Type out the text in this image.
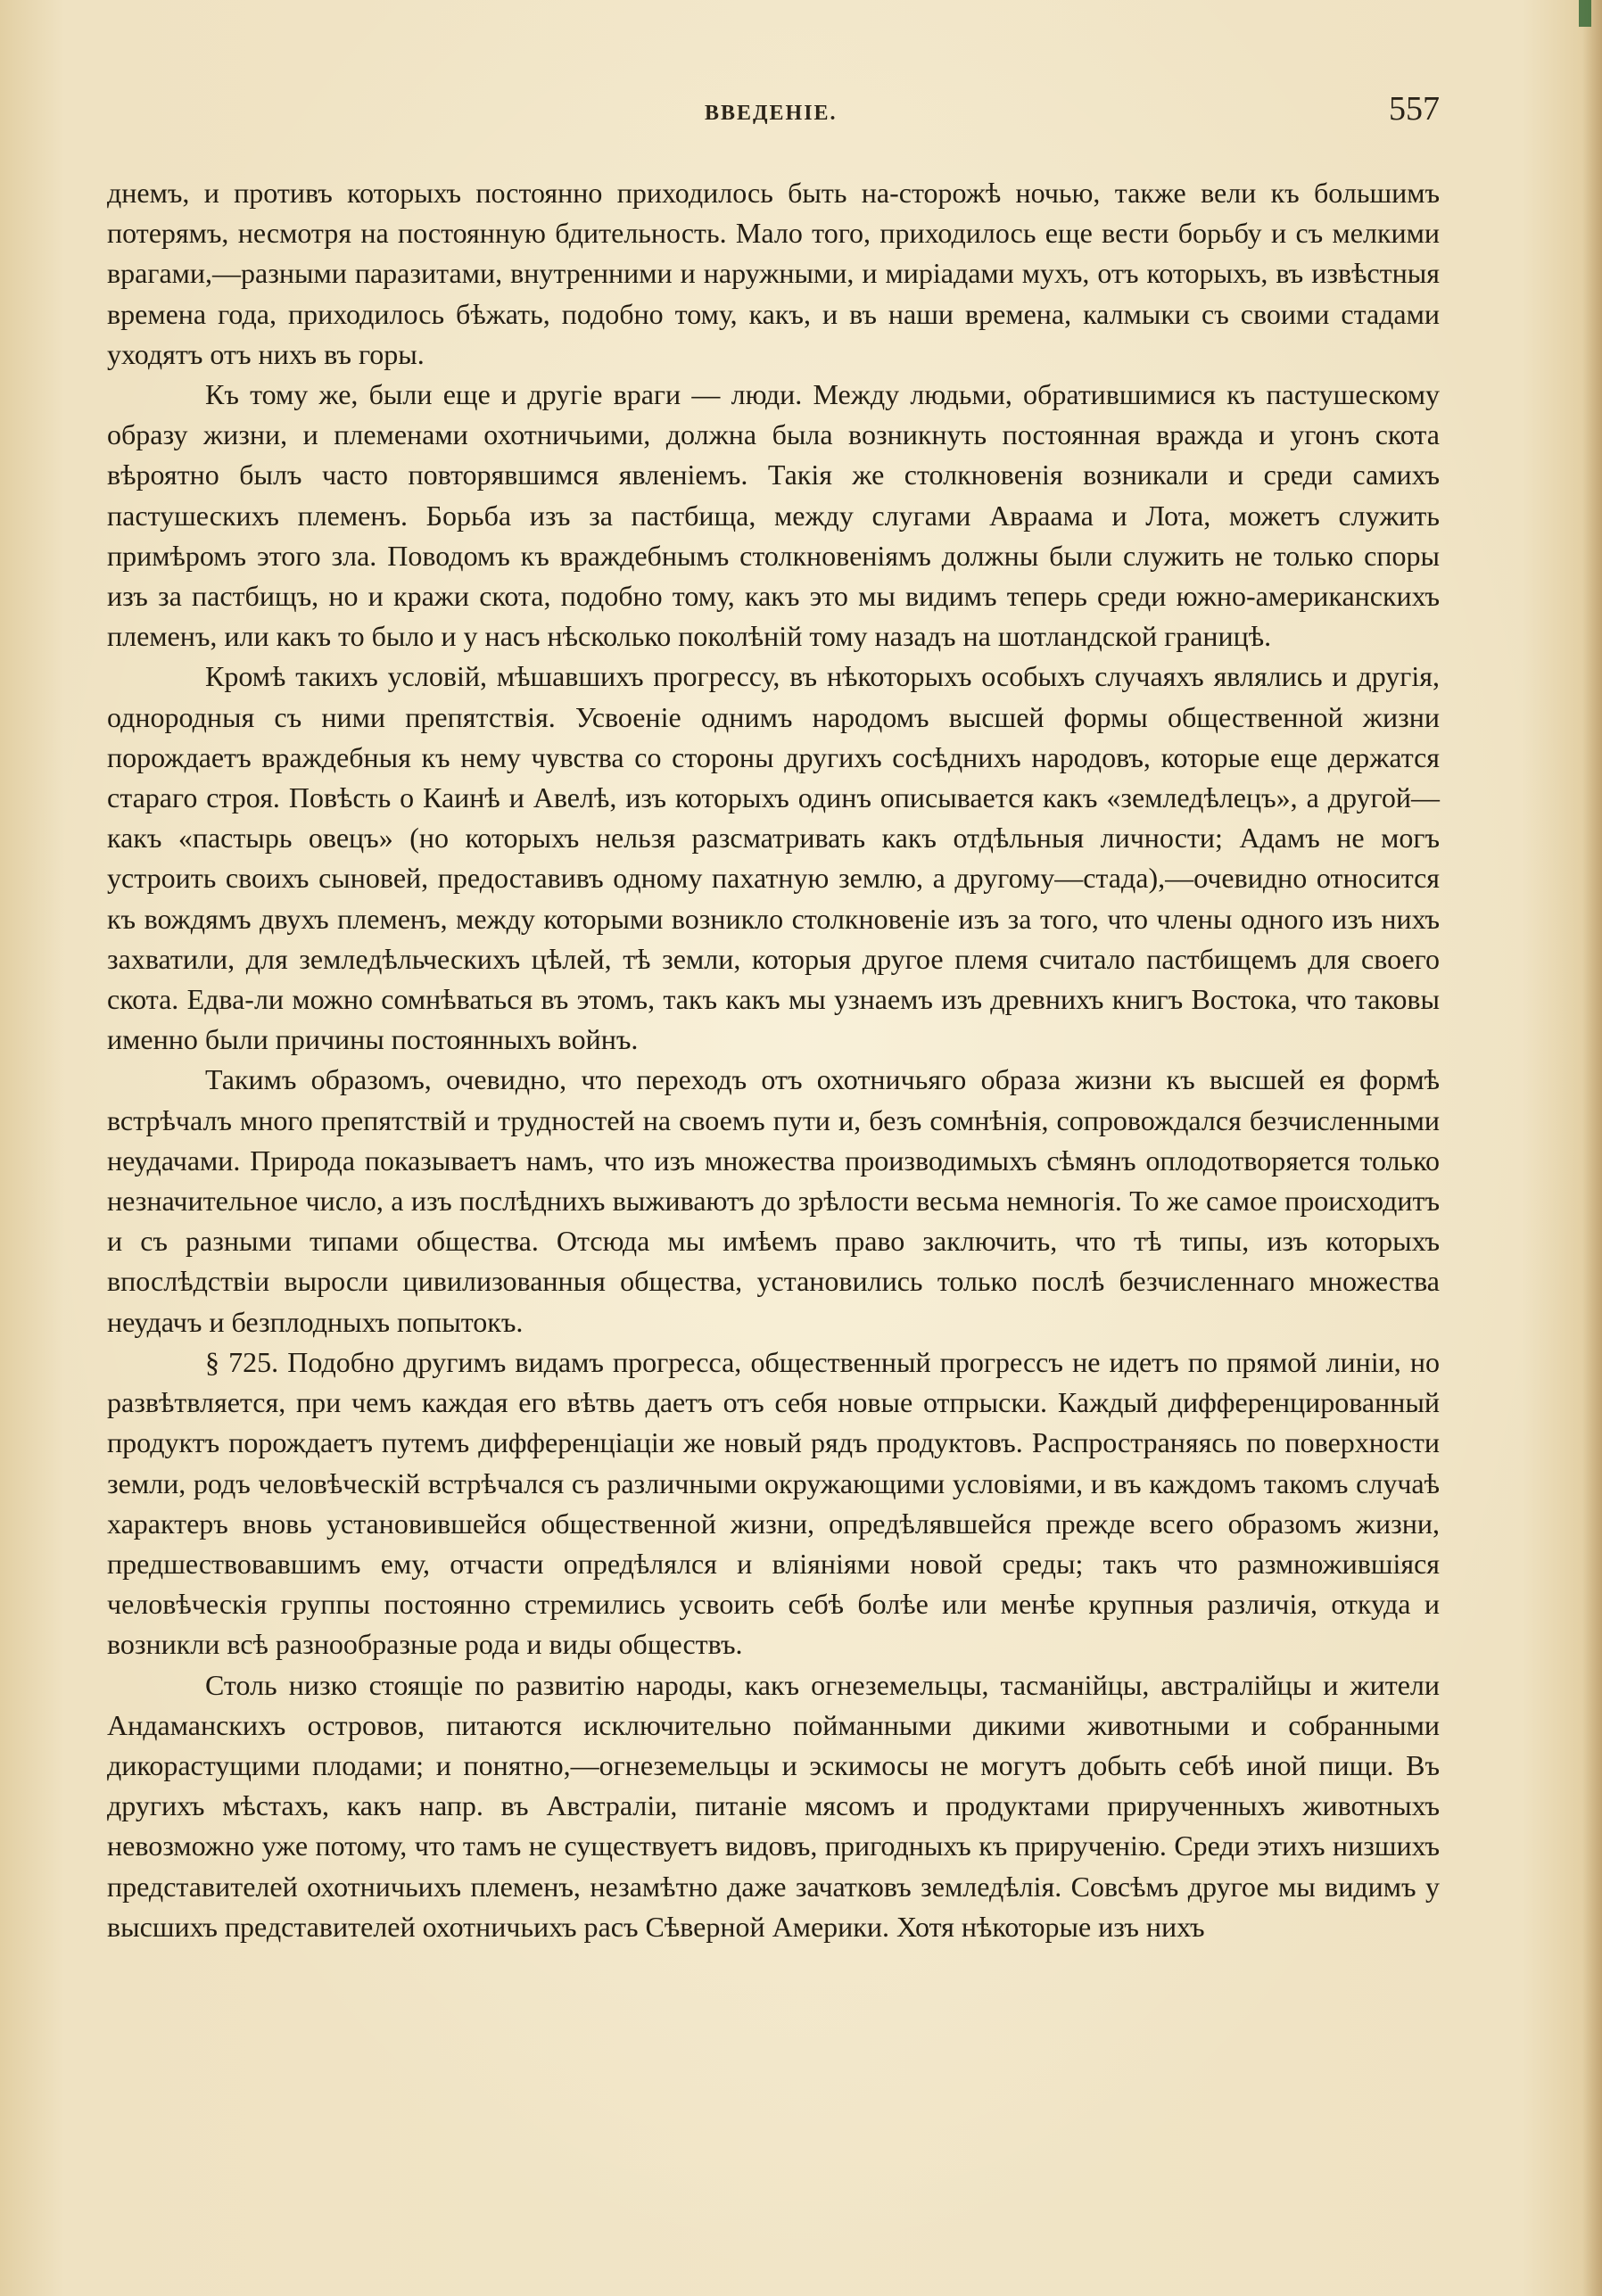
ВВЕДЕНІЕ.	557

днемъ, и противъ которыхъ постоянно приходилось быть на-сторожѣ ночью, также вели къ большимъ потерямъ, несмотря на постоянную бдительность. Мало того, приходилось еще вести борьбу и съ мелкими врагами,—разными паразитами, внутренними и наружными, и миріадами мухъ, отъ которыхъ, въ извѣстныя времена года, приходилось бѣжать, подобно тому, какъ, и въ наши времена, калмыки съ своими стадами уходятъ отъ нихъ въ горы.

Къ тому же, были еще и другіе враги — люди. Между людьми, обратившимися къ пастушескому образу жизни, и племенами охотничьими, должна была возникнуть постоянная вражда и угонъ скота вѣроятно былъ часто повторявшимся явленіемъ. Такія же столкновенія возникали и среди самихъ пастушескихъ племенъ. Борьба изъ за пастбища, между слугами Авраама и Лота, можетъ служить примѣромъ этого зла. Поводомъ къ враждебнымъ столкновеніямъ должны были служить не только споры изъ за пастбищъ, но и кражи скота, подобно тому, какъ это мы видимъ теперь среди южно-американскихъ племенъ, или какъ то было и у насъ нѣсколько поколѣній тому назадъ на шотландской границѣ.

Кромѣ такихъ условій, мѣшавшихъ прогрессу, въ нѣкоторыхъ особыхъ случаяхъ являлись и другія, однородныя съ ними препятствія. Усвоеніе однимъ народомъ высшей формы общественной жизни порождаетъ враждебныя къ нему чувства со стороны другихъ сосѣднихъ народовъ, которые еще держатся стараго строя. Повѣсть о Каинѣ и Авелѣ, изъ которыхъ одинъ описывается какъ «земледѣлецъ», а другой—какъ «пастырь овецъ» (но которыхъ нельзя разсматривать какъ отдѣльныя личности; Адамъ не могъ устроить своихъ сыновей, предоставивъ одному пахатную землю, а другому—стада),—очевидно относится къ вождямъ двухъ племенъ, между которыми возникло столкновеніе изъ за того, что члены одного изъ нихъ захватили, для земледѣльческихъ цѣлей, тѣ земли, которыя другое племя считало пастбищемъ для своего скота. Едва-ли можно сомнѣваться въ этомъ, такъ какъ мы узнаемъ изъ древнихъ книгъ Востока, что таковы именно были причины постоянныхъ войнъ.

Такимъ образомъ, очевидно, что переходъ отъ охотничьяго образа жизни къ высшей ея формѣ встрѣчалъ много препятствій и трудностей на своемъ пути и, безъ сомнѣнія, сопровождался безчисленными неудачами. Природа показываетъ намъ, что изъ множества производимыхъ сѣмянъ оплодотворяется только незначительное число, а изъ послѣднихъ выживаютъ до зрѣлости весьма немногія. То же самое происходитъ и съ разными типами общества. Отсюда мы имѣемъ право заключить, что тѣ типы, изъ которыхъ впослѣдствіи выросли цивилизованныя общества, установились только послѣ безчисленнаго множества неудачъ и безплодныхъ попытокъ.

§ 725. Подобно другимъ видамъ прогресса, общественный прогрессъ не идетъ по прямой линіи, но развѣтвляется, при чемъ каждая его вѣтвь даетъ отъ себя новые отпрыски. Каждый дифференцированный продуктъ порождаетъ путемъ дифференціаціи же новый рядъ продуктовъ. Распространяясь по поверхности земли, родъ человѣческій встрѣчался съ различными окружающими условіями, и въ каждомъ такомъ случаѣ характеръ вновь установившейся общественной жизни, опредѣлявшейся прежде всего образомъ жизни, предшествовавшимъ ему, отчасти опредѣлялся и вліяніями новой среды; такъ что размножившіяся человѣческія группы постоянно стремились усвоить себѣ болѣе или менѣе крупныя различія, откуда и возникли всѣ разнообразные рода и виды обществъ.

Столь низко стоящіе по развитію народы, какъ огнеземельцы, тасманійцы, австралійцы и жители Андаманскихъ островов, питаются исключительно пойманными дикими животными и собранными дикорастущими плодами; и понятно,—огнеземельцы и эскимосы не могутъ добыть себѣ иной пищи. Въ другихъ мѣстахъ, какъ напр. въ Австраліи, питаніе мясомъ и продуктами прирученныхъ животныхъ невозможно уже потому, что тамъ не существуетъ видовъ, пригодныхъ къ прирученію. Среди этихъ низшихъ представителей охотничьихъ племенъ, незамѣтно даже зачатковъ земледѣлія. Совсѣмъ другое мы видимъ у высшихъ представителей охотничьихъ расъ Сѣверной Америки. Хотя нѣкоторые изъ нихъ
